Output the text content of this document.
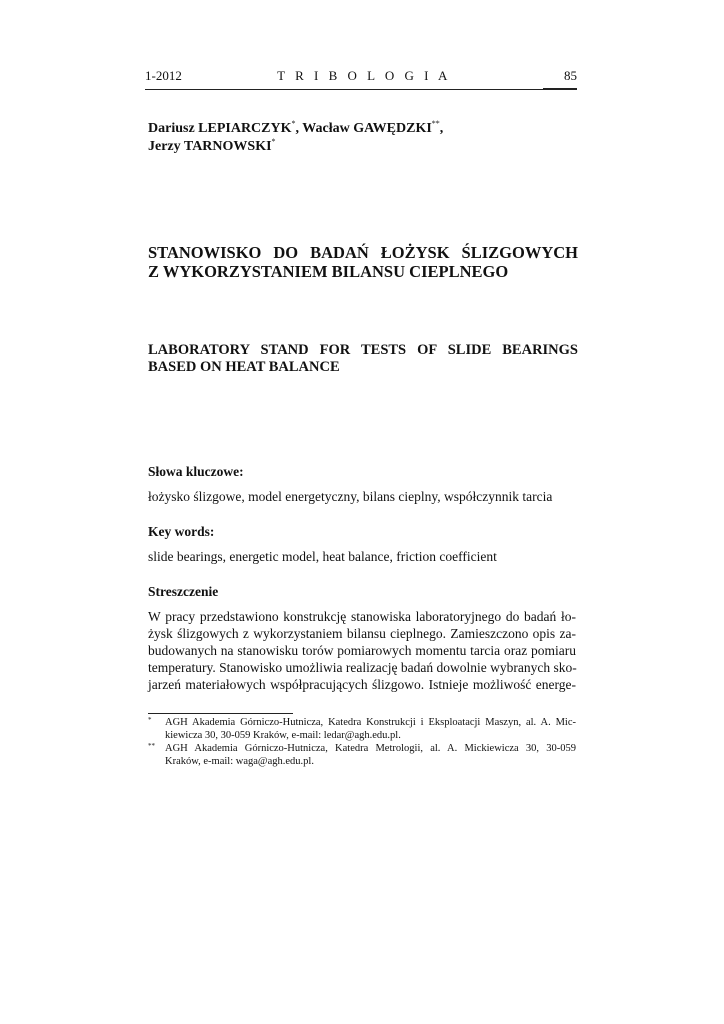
1-2012	T R I B O L O G I A	85
Dariusz LEPIARCZYK*, Wacław GAWĘDZKI**,
Jerzy TARNOWSKI*
STANOWISKO DO BADAŃ ŁOŻYSK ŚLIZGOWYCH
Z WYKORZYSTANIEM BILANSU CIEPLNEGO
LABORATORY STAND FOR TESTS OF SLIDE BEARINGS
BASED ON HEAT BALANCE
Słowa kluczowe:
łożysko ślizgowe, model energetyczny, bilans cieplny, współczynnik tarcia
Key words:
slide bearings, energetic model, heat balance, friction coefficient
Streszczenie
W pracy przedstawiono konstrukcję stanowiska laboratoryjnego do badań ło-
żysk ślizgowych z wykorzystaniem bilansu cieplnego. Zamieszczono opis za-
budowanych na stanowisku torów pomiarowych momentu tarcia oraz pomiaru
temperatury. Stanowisko umożliwia realizację badań dowolnie wybranych sko-
jarzeń materiałowych współpracujących ślizgowo. Istnieje możliwość energe-
* AGH Akademia Górniczo-Hutnicza, Katedra Konstrukcji i Eksploatacji Maszyn, al. A. Mic-
kiewicza 30, 30-059 Kraków, e-mail: ledar@agh.edu.pl.
** AGH Akademia Górniczo-Hutnicza, Katedra Metrologii, al. A. Mickiewicza 30, 30-059
Kraków, e-mail: waga@agh.edu.pl.
